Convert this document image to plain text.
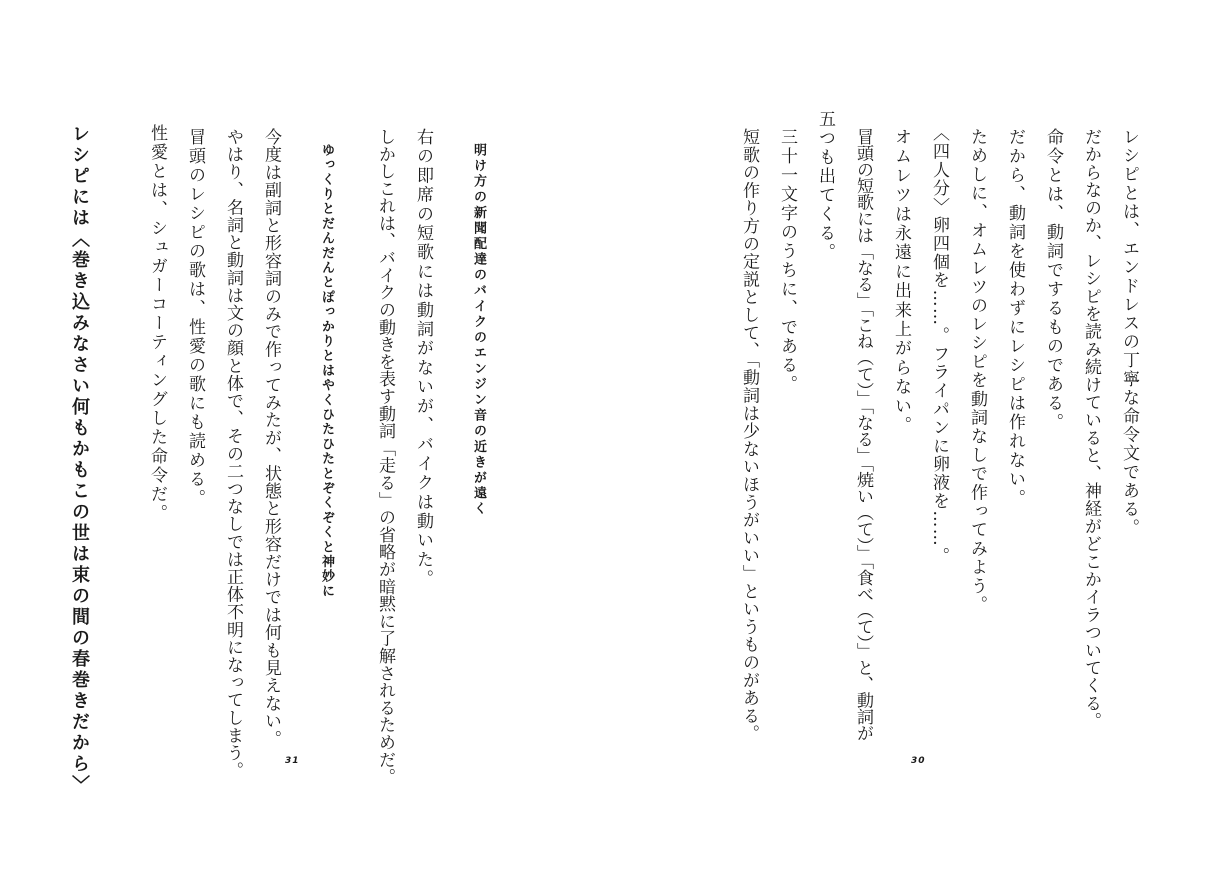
レシピとは、エンドレスの丁寧な命令文である。
だからなのか、レシピを読み続けていると、神経がどこかイラついてくる。
命令とは、動詞でするものである。
だから、動詞を使わずにレシピは作れない。
ためしに、オムレツのレシピを動詞なしで作ってみよう。
〈四人分〉卵四個を……。フライパンに卵液を……。
オムレツは永遠に出来上がらない。
冒頭の短歌には「なる」「こね（て）」「なる」「焼い（て）」「食べ（て）」と、動詞が
五つも出てくる。
三十一文字のうちに、である。
短歌の作り方の定説として、「動詞は少ないほうがいい」というものがある。
30
明け方の新聞配達のバイクのエンジン音の近きが遠く
ゆっくりとだんだんとぽっかりとはやくひたひたとぞくぞくと神妙に	右の即席の短歌には動詞がないが、バイクは動いた。
しかしこれは、バイクの動きを表す動詞「走る」の省略が暗黙に了解されるためだ。
今度は副詞と形容詞のみで作ってみたが、状態と形容だけでは何も見えない。
やはり、名詞と動詞は文の顔と体で、その二つなしでは正体不明になってしまう。
冒頭のレシピの歌は、性愛の歌にも読める。
性愛とは、シュガーコーティングした命令だ。
レシピには〈巻き込みなさい何もかもこの世は束の間の春巻きだから〉	31
